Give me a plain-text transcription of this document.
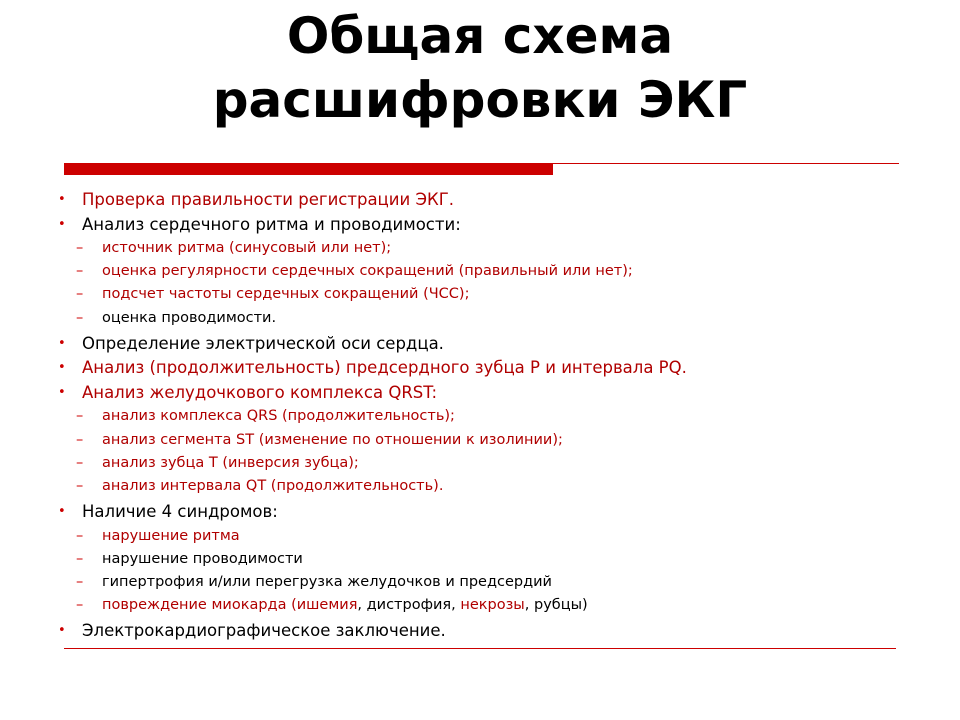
Общая схема
расшифровки ЭКГ
• Проверка правильности регистрации ЭКГ.
• Анализ сердечного ритма и проводимости:
– источник ритма (синусовый или нет);
– оценка регулярности сердечных сокращений (правильный или нет);
– подсчет частоты сердечных сокращений (ЧСС);
– оценка проводимости.
• Определение электрической оси сердца.
• Анализ (продолжительность) предсердного зубца Р и интервала PQ.
• Анализ желудочкового комплекса QRST:
– анализ комплекса QRS (продолжительность);
– анализ сегмента ST (изменение по отношении к изолинии);
– анализ зубца Т (инверсия зубца);
– анализ интервала QT (продолжительность).
• Наличие 4 синдромов:
– нарушение ритма
– нарушение проводимости
– гипертрофия и/или перегрузка желудочков и предсердий
– повреждение миокарда (ишемия, дистрофия, некрозы, рубцы)
• Электрокардиографическое заключение.
